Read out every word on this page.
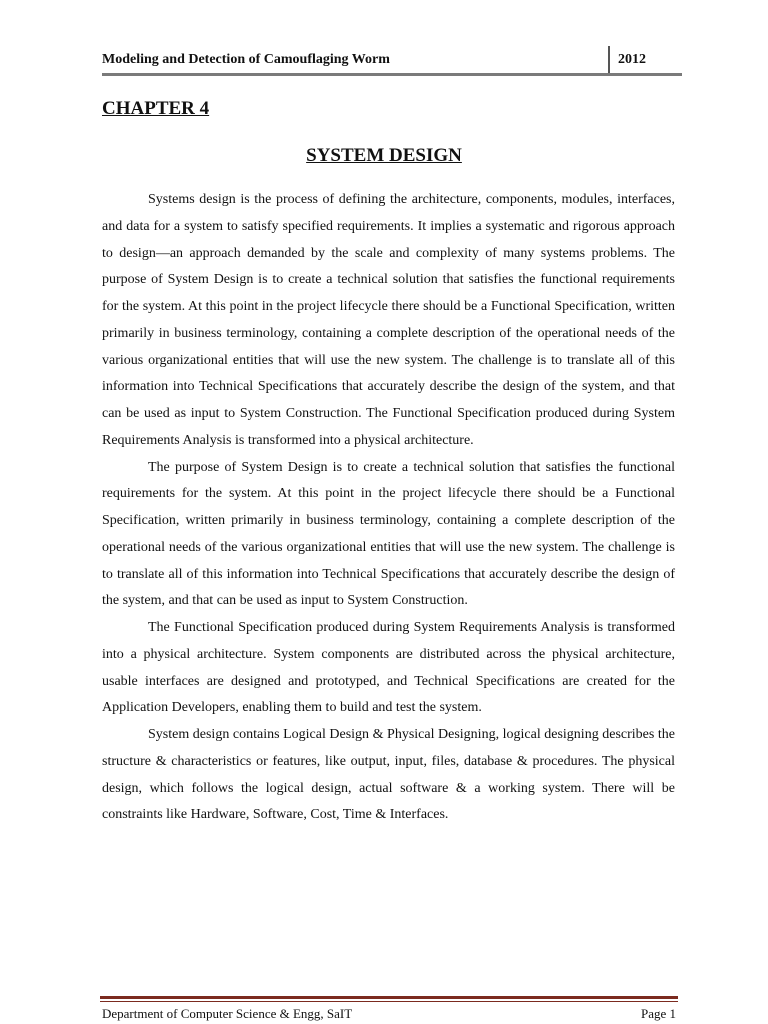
Modeling and Detection of Camouflaging Worm	2012
CHAPTER 4
SYSTEM DESIGN

Systems design is the process of defining the architecture, components, modules, interfaces, and data for a system to satisfy specified requirements. It implies a systematic and rigorous approach to design—an approach demanded by the scale and complexity of many systems problems. The purpose of System Design is to create a technical solution that satisfies the functional requirements for the system. At this point in the project lifecycle there should be a Functional Specification, written primarily in business terminology, containing a complete description of the operational needs of the various organizational entities that will use the new system. The challenge is to translate all of this information into Technical Specifications that accurately describe the design of the system, and that can be used as input to System Construction. The Functional Specification produced during System Requirements Analysis is transformed into a physical architecture.

The purpose of System Design is to create a technical solution that satisfies the functional requirements for the system. At this point in the project lifecycle there should be a Functional Specification, written primarily in business terminology, containing a complete description of the operational needs of the various organizational entities that will use the new system. The challenge is to translate all of this information into Technical Specifications that accurately describe the design of the system, and that can be used as input to System Construction.

The Functional Specification produced during System Requirements Analysis is transformed into a physical architecture. System components are distributed across the physical architecture, usable interfaces are designed and prototyped, and Technical Specifications are created for the Application Developers, enabling them to build and test the system.

System design contains Logical Design & Physical Designing, logical designing describes the structure & characteristics or features, like output, input, files, database & procedures. The physical design, which follows the logical design, actual software & a working system. There will be constraints like Hardware, Software, Cost, Time & Interfaces.

Department of Computer Science & Engg, SaIT	Page 1
